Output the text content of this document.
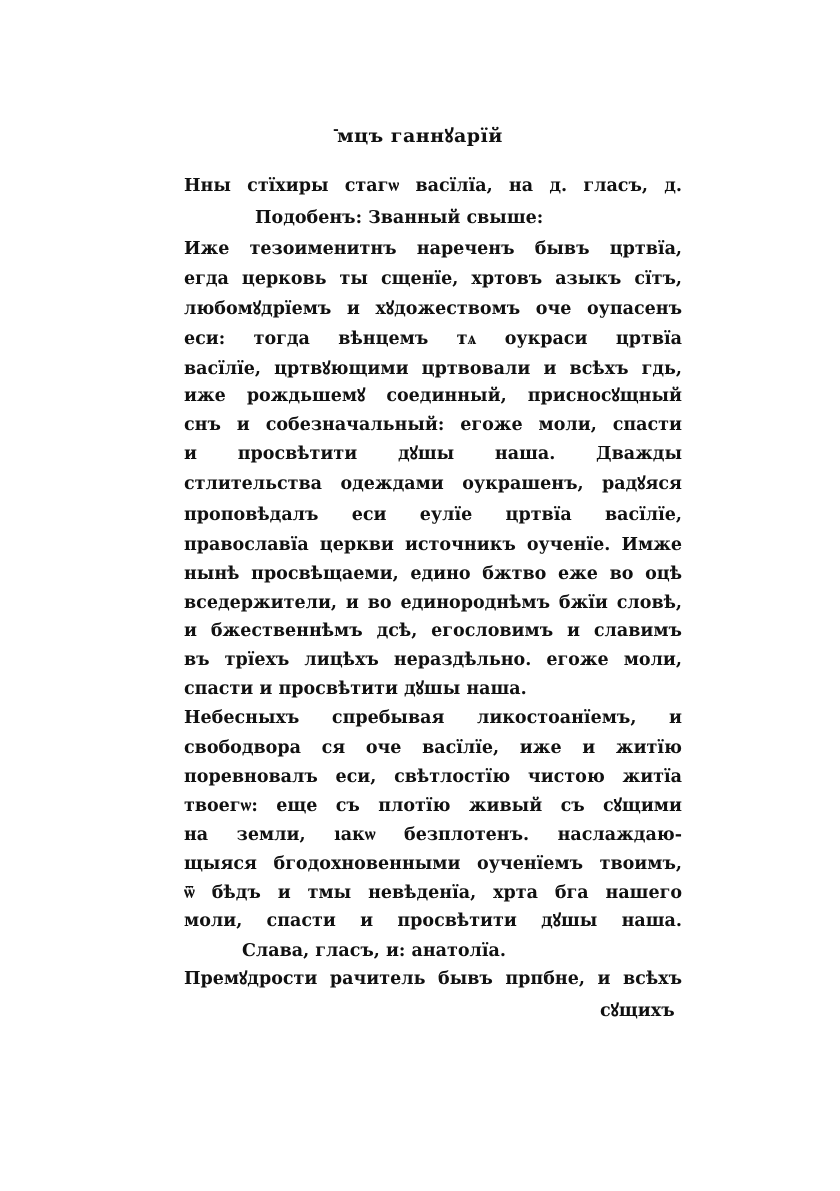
-
мцъ ганнꙋарїй
Нны стїхиры стагѡ васїлїа, на д. гласъ, д.
Подобенъ: Званный свыше:
Иже тезоименитнъ нареченъ бывъ цртвїа,
егда церковь ты сщенїе, хртовъ азыкъ сїтъ,
любомꙋдрїемъ и хꙋдожествомъ оче оупасенъ
еси: тогда вѣнцемъ тѧ оукраси цртвїа
васїлїе, цртвꙋющими цртвовали и всѣхъ гдь,
иже рождьшемꙋ соединный, присносꙋщный
снъ и собезначальный: егоже моли, спасти
и просвѣтити дꙋшы наша. Дважды
стлительства одеждами оукрашенъ, радꙋяся
проповѣдалъ еси еулїе цртвїа васїлїе,
православїа церкви источникъ оученїе. Имже
нынѣ просвѣщаеми, едино бжтво еже во оцѣ
вседержители, и во единороднѣмъ бжїи словѣ,
и бжественнѣмъ дсѣ, егословимъ и славимъ
въ трїехъ лицѣхъ нераздѣльно. егоже моли,
спасти и просвѣтити дꙋшы наша.
Небесныхъ спребывая ликостоанїемъ, и
свободвора ся оче васїлїе, иже и житїю
поревновалъ еси, свѣтлостїю чистою житїа
твоегѡ: еще съ плотїю живый съ сꙋщими
на земли, ıакѡ безплотенъ. наслаждаю-
щыяся бгодохновенными оученїемъ твоимъ,
ѿ бѣдъ и тмы невѣденїа, хрта бга нашего
моли, спасти и просвѣтити дꙋшы наша.
Слава, гласъ, и: анатолїа.
Премꙋдрости рачитель бывъ прпбне, и всѣхъ
сꙋщихъ
